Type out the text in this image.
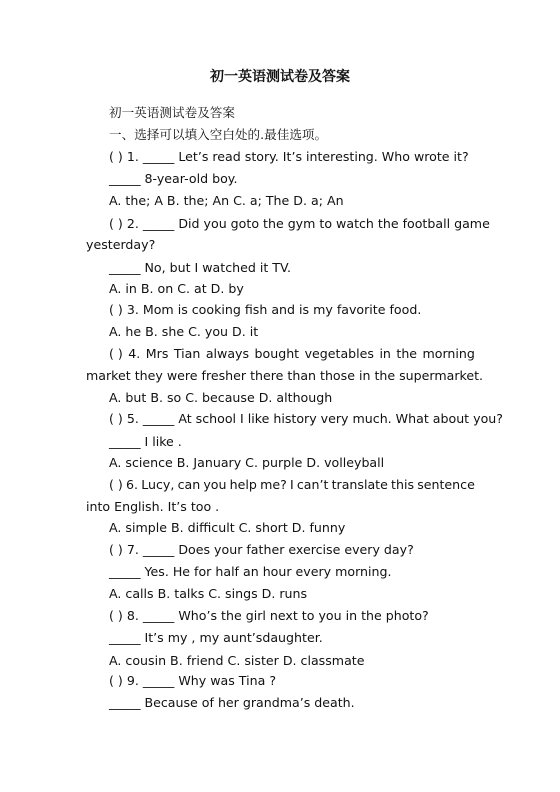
初一英语测试卷及答案
初一英语测试卷及答案
一、选择可以填入空白处的.最佳选项。
( ) 1. _____ Let’s read story. It’s interesting. Who wrote it?
_____ 8-year-old boy.
A. the; A B. the; An C. a; The D. a; An
( ) 2. _____ Did you goto the gym to watch the football game
yesterday?
_____ No, but I watched it TV.
A. in B. on C. at D. by
( ) 3. Mom is cooking fish and is my favorite food.
A. he B. she C. you D. it
( ) 4. Mrs Tian always bought vegetables in the morning
market they were fresher there than those in the supermarket.
A. but B. so C. because D. although
( ) 5. _____ At school I like history very much. What about you?
_____ I like .
A. science B. January C. purple D. volleyball
( ) 6. Lucy, can you help me? I can’t translate this sentence
into English. It’s too .
A. simple B. difficult C. short D. funny
( ) 7. _____ Does your father exercise every day?
_____ Yes. He for half an hour every morning.
A. calls B. talks C. sings D. runs
( ) 8. _____ Who’s the girl next to you in the photo?
_____ It’s my , my aunt’sdaughter.
A. cousin B. friend C. sister D. classmate
( ) 9. _____ Why was Tina ?
_____ Because of her grandma’s death.
